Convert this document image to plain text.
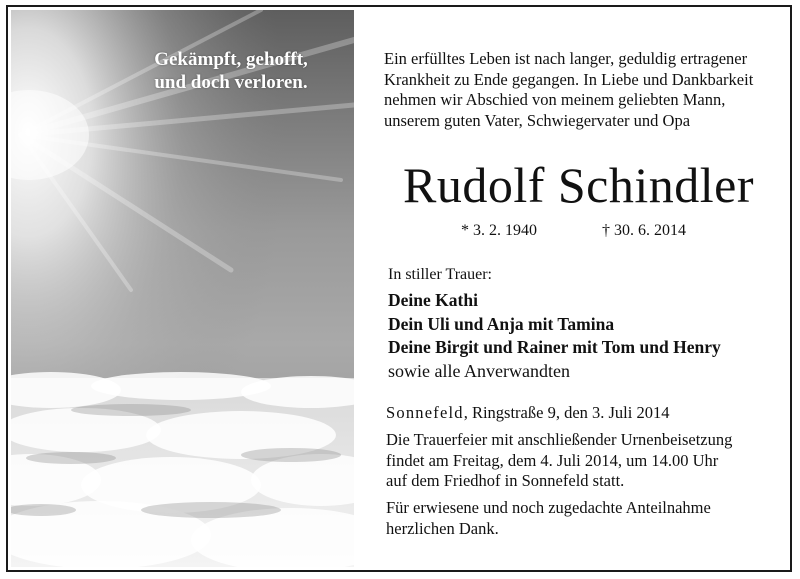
Gekämpft, gehofft,
und doch verloren.
Ein erfülltes Leben ist nach langer, geduldig ertragener
Krankheit zu Ende gegangen. In Liebe und Dankbarkeit
nehmen wir Abschied von meinem geliebten Mann,
unserem guten Vater, Schwiegervater und Opa
Rudolf Schindler
* 3. 2. 1940	† 30. 6. 2014
In stiller Trauer:
Deine Kathi
Dein Uli und Anja mit Tamina
Deine Birgit und Rainer mit Tom und Henry
sowie alle Anverwandten
Sonnefeld, Ringstraße 9, den 3. Juli 2014
Die Trauerfeier mit anschließender Urnenbeisetzung
findet am Freitag, dem 4. Juli 2014, um 14.00 Uhr
auf dem Friedhof in Sonnefeld statt.
Für erwiesene und noch zugedachte Anteilnahme
herzlichen Dank.
